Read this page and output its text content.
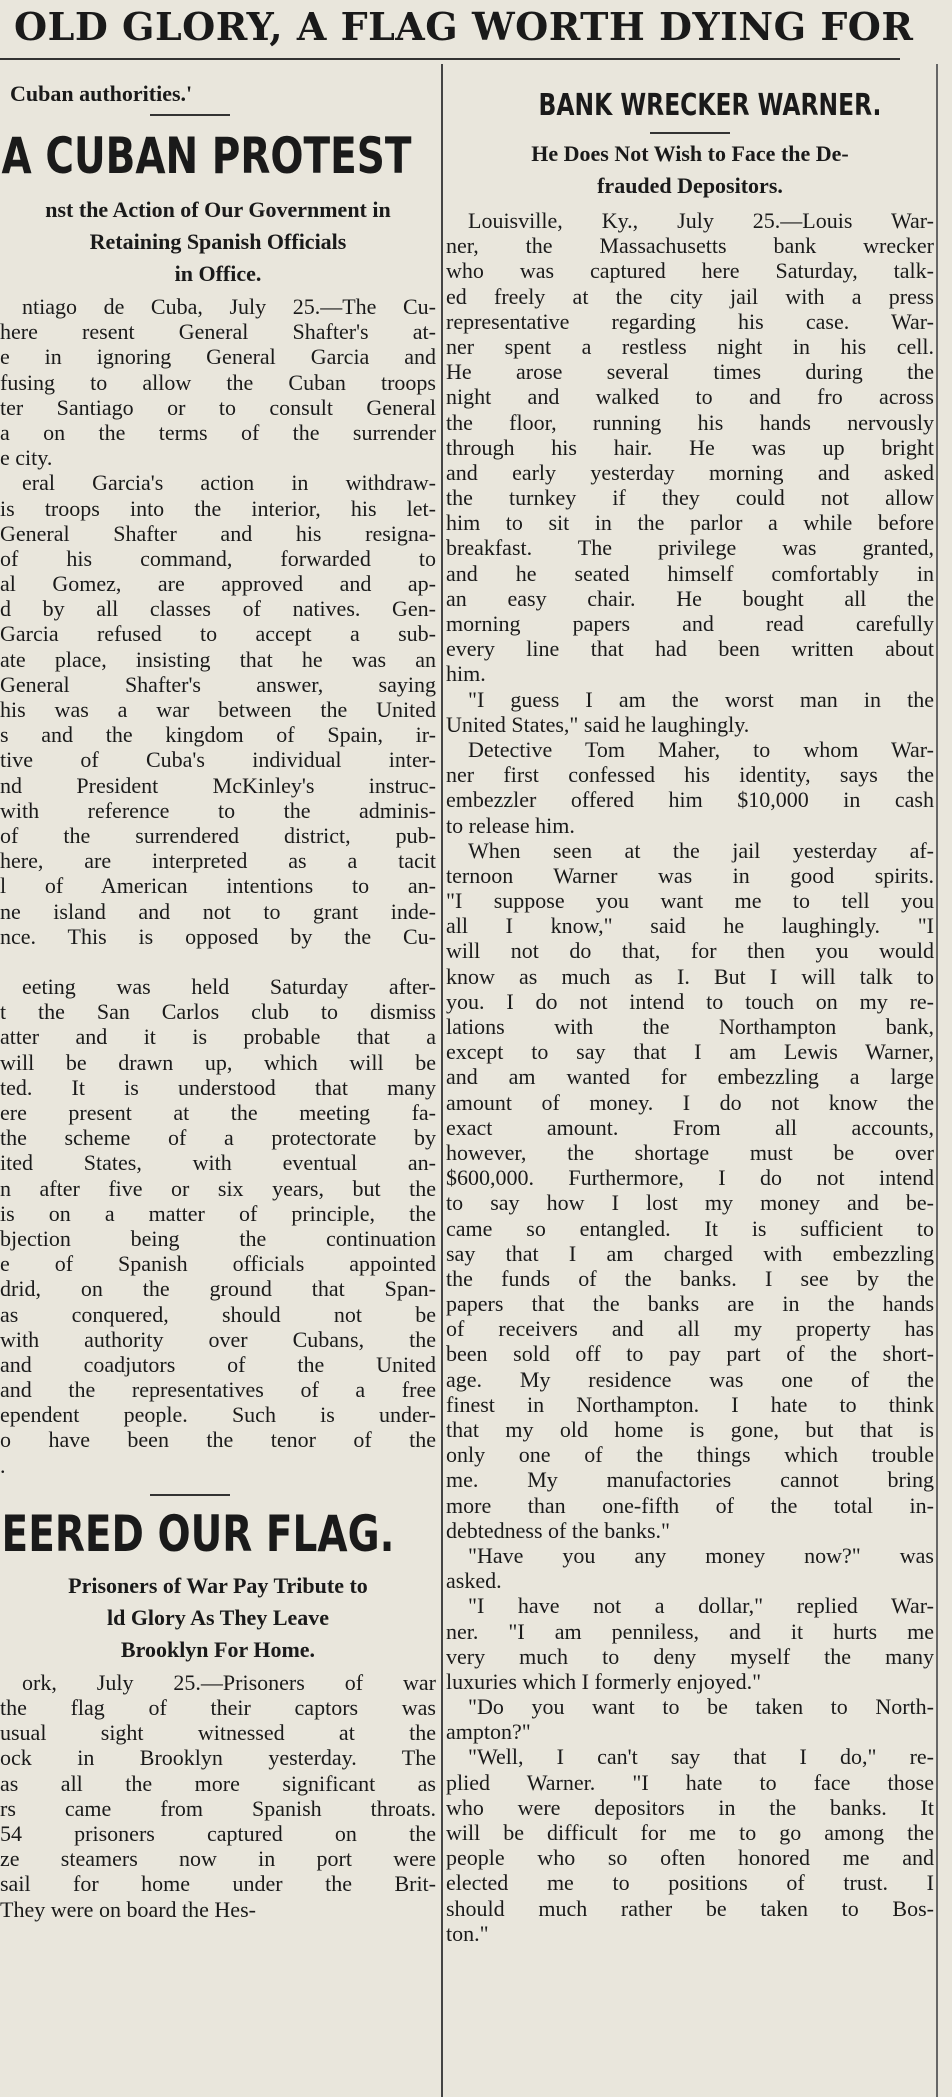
OLD GLORY, A FLAG WORTH DYING FOR
Cuban authorities.'
A CUBAN PROTEST
nst the Action of Our Government in
Retaining Spanish Officials
in Office.
ntiago de Cuba, July 25.—The Cu-
here resent General Shafter's at-
e in ignoring General Garcia and
fusing to allow the Cuban troops
ter Santiago or to consult General
a on the terms of the surrender
e city.
eral Garcia's action in withdraw-
is troops into the interior, his let-
General Shafter and his resigna-
of his command, forwarded to
al Gomez, are approved and ap-
d by all classes of natives. Gen-
Garcia refused to accept a sub-
ate place, insisting that he was an
General Shafter's answer, saying
his was a war between the United
s and the kingdom of Spain, ir-
tive of Cuba's individual inter-
nd President McKinley's instruc-
with reference to the adminis-
of the surrendered district, pub-
here, are interpreted as a tacit
l of American intentions to an-
ne island and not to grant inde-
nce. This is opposed by the Cu-
eeting was held Saturday after-
t the San Carlos club to dismiss
atter and it is probable that a
will be drawn up, which will be
ted. It is understood that many
ere present at the meeting fa-
the scheme of a protectorate by
ited States, with eventual an-
n after five or six years, but the
is on a matter of principle, the
bjection being the continuation
e of Spanish officials appointed
drid, on the ground that Span-
as conquered, should not be
with authority over Cubans, the
and coadjutors of the United
and the representatives of a free
ependent people. Such is under-
o have been the tenor of the
.
EERED OUR FLAG.
Prisoners of War Pay Tribute to
ld Glory As They Leave
Brooklyn For Home.
ork, July 25.—Prisoners of war
the flag of their captors was
usual sight witnessed at the
ock in Brooklyn yesterday. The
as all the more significant as
rs came from Spanish throats.
54 prisoners captured on the
ze steamers now in port were
sail for home under the Brit-
They were on board the Hes-
BANK WRECKER WARNER.
He Does Not Wish to Face the De-
frauded Depositors.
Louisville, Ky., July 25.—Louis War-
ner, the Massachusetts bank wrecker
who was captured here Saturday, talk-
ed freely at the city jail with a press
representative regarding his case. War-
ner spent a restless night in his cell.
He arose several times during the
night and walked to and fro across
the floor, running his hands nervously
through his hair. He was up bright
and early yesterday morning and asked
the turnkey if they could not allow
him to sit in the parlor a while before
breakfast. The privilege was granted,
and he seated himself comfortably in
an easy chair. He bought all the
morning papers and read carefully
every line that had been written about
him.
"I guess I am the worst man in the
United States," said he laughingly.
Detective Tom Maher, to whom War-
ner first confessed his identity, says the
embezzler offered him $10,000 in cash
to release him.
When seen at the jail yesterday af-
ternoon Warner was in good spirits.
"I suppose you want me to tell you
all I know," said he laughingly. "I
will not do that, for then you would
know as much as I. But I will talk to
you. I do not intend to touch on my re-
lations with the Northampton bank,
except to say that I am Lewis Warner,
and am wanted for embezzling a large
amount of money. I do not know the
exact amount. From all accounts,
however, the shortage must be over
$600,000. Furthermore, I do not intend
to say how I lost my money and be-
came so entangled. It is sufficient to
say that I am charged with embezzling
the funds of the banks. I see by the
papers that the banks are in the hands
of receivers and all my property has
been sold off to pay part of the short-
age. My residence was one of the
finest in Northampton. I hate to think
that my old home is gone, but that is
only one of the things which trouble
me. My manufactories cannot bring
more than one-fifth of the total in-
debtedness of the banks."
"Have you any money now?" was
asked.
"I have not a dollar," replied War-
ner. "I am penniless, and it hurts me
very much to deny myself the many
luxuries which I formerly enjoyed."
"Do you want to be taken to North-
ampton?"
"Well, I can't say that I do," re-
plied Warner. "I hate to face those
who were depositors in the banks. It
will be difficult for me to go among the
people who so often honored me and
elected me to positions of trust. I
should much rather be taken to Bos-
ton."
